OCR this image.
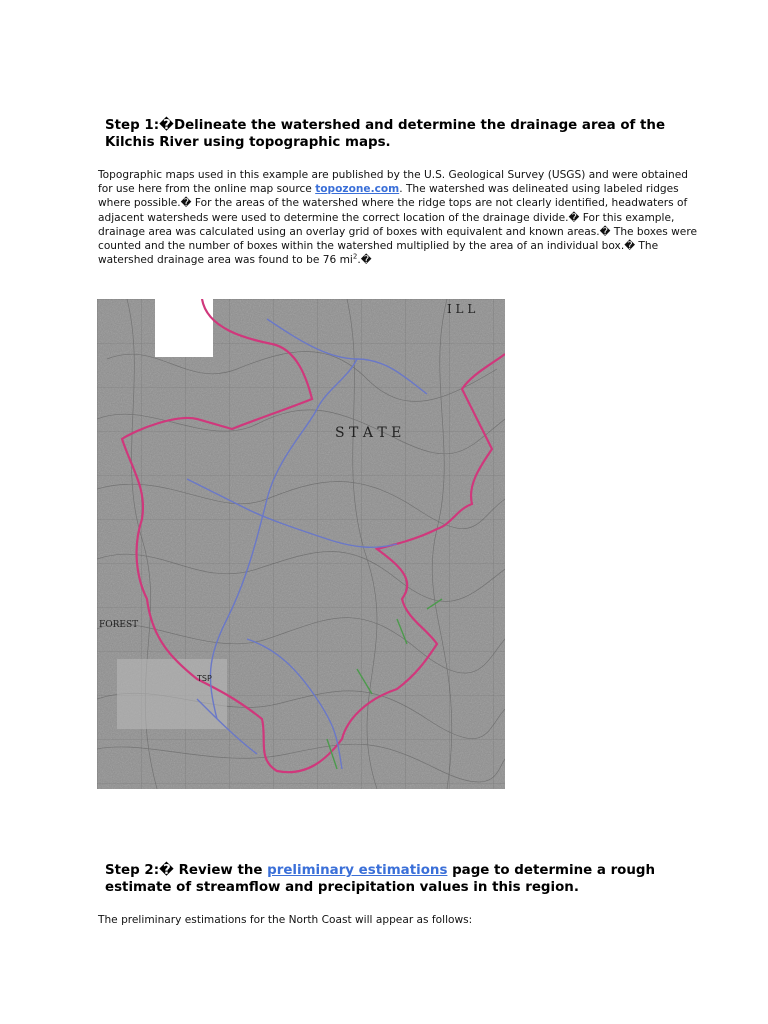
Step 1:�Delineate the watershed and determine the drainage area of the Kilchis River using topographic maps.

Topographic maps used in this example are published by the U.S. Geological Survey (USGS) and were obtained for use here from the online map source topozone.com. The watershed was delineated using labeled ridges where possible.� For the areas of the watershed where the ridge tops are not clearly identified, headwaters of adjacent watersheds were used to determine the correct location of the drainage divide.� For this example, drainage area was calculated using an overlay grid of boxes with equivalent and known areas.� The boxes were counted and the number of boxes within the watershed multiplied by the area of an individual box.� The watershed drainage area was found to be 76 $mi^2.�$

S T A T E
FOREST
I L L
TSP
Step 2:� Review the preliminary estimations page to determine a rough estimate of streamflow and precipitation values in this region.

The preliminary estimations for the North Coast will appear as follows:
